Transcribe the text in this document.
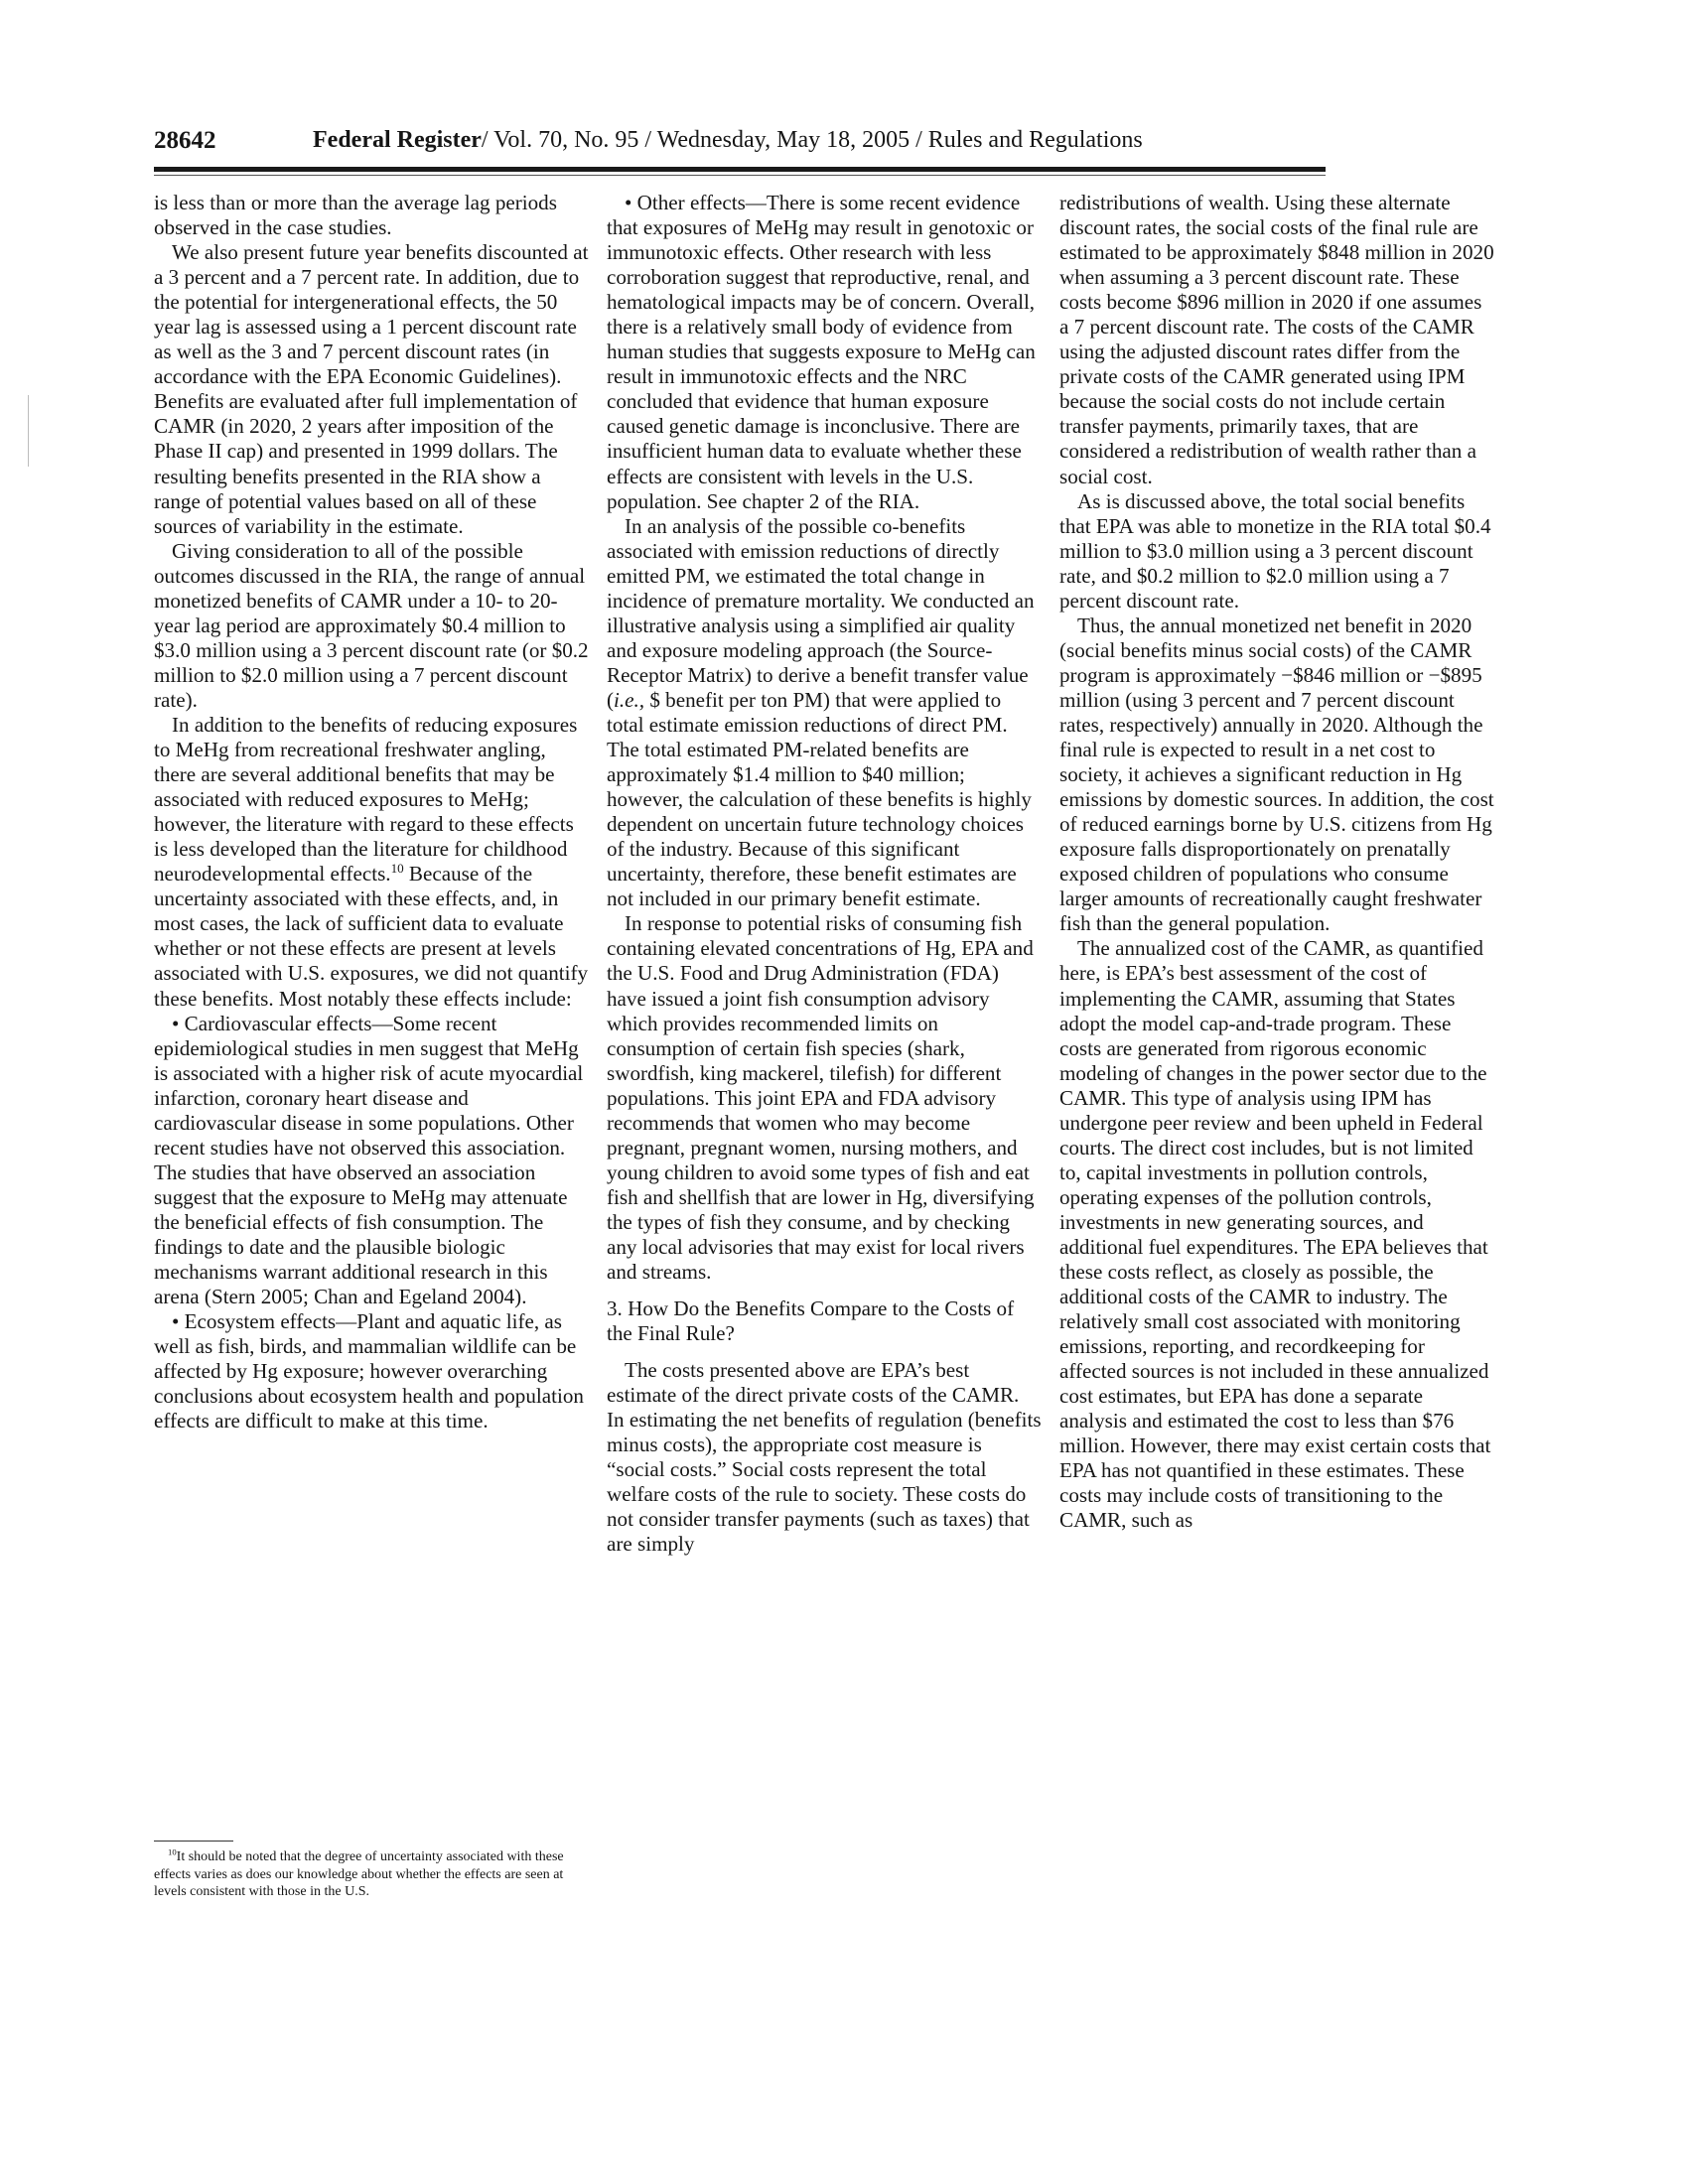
28642	Federal Register/ Vol. 70, No. 95 / Wednesday, May 18, 2005 / Rules and Regulations

is less than or more than the average lag periods observed in the case studies.

We also present future year benefits discounted at a 3 percent and a 7 percent rate. In addition, due to the potential for intergenerational effects, the 50 year lag is assessed using a 1 percent discount rate as well as the 3 and 7 percent discount rates (in accordance with the EPA Economic Guidelines). Benefits are evaluated after full implementation of CAMR (in 2020, 2 years after imposition of the Phase II cap) and presented in 1999 dollars. The resulting benefits presented in the RIA show a range of potential values based on all of these sources of variability in the estimate.

Giving consideration to all of the possible outcomes discussed in the RIA, the range of annual monetized benefits of CAMR under a 10- to 20-year lag period are approximately $0.4 million to $3.0 million using a 3 percent discount rate (or $0.2 million to $2.0 million using a 7 percent discount rate).

In addition to the benefits of reducing exposures to MeHg from recreational freshwater angling, there are several additional benefits that may be associated with reduced exposures to MeHg; however, the literature with regard to these effects is less developed than the literature for childhood neurodevelopmental effects.$^{10}$ Because of the uncertainty associated with these effects, and, in most cases, the lack of sufficient data to evaluate whether or not these effects are present at levels associated with U.S. exposures, we did not quantify these benefits. Most notably these effects include:

• Cardiovascular effects—Some recent epidemiological studies in men suggest that MeHg is associated with a higher risk of acute myocardial infarction, coronary heart disease and cardiovascular disease in some populations. Other recent studies have not observed this association. The studies that have observed an association suggest that the exposure to MeHg may attenuate the beneficial effects of fish consumption. The findings to date and the plausible biologic mechanisms warrant additional research in this arena (Stern 2005; Chan and Egeland 2004).

• Ecosystem effects—Plant and aquatic life, as well as fish, birds, and mammalian wildlife can be affected by Hg exposure; however overarching conclusions about ecosystem health and population effects are difficult to make at this time.

$^{10}$It should be noted that the degree of uncertainty associated with these effects varies as does our knowledge about whether the effects are seen at levels consistent with those in the U.S.

• Other effects—There is some recent evidence that exposures of MeHg may result in genotoxic or immunotoxic effects. Other research with less corroboration suggest that reproductive, renal, and hematological impacts may be of concern. Overall, there is a relatively small body of evidence from human studies that suggests exposure to MeHg can result in immunotoxic effects and the NRC concluded that evidence that human exposure caused genetic damage is inconclusive. There are insufficient human data to evaluate whether these effects are consistent with levels in the U.S. population. See chapter 2 of the RIA.

In an analysis of the possible co-benefits associated with emission reductions of directly emitted PM, we estimated the total change in incidence of premature mortality. We conducted an illustrative analysis using a simplified air quality and exposure modeling approach (the Source-Receptor Matrix) to derive a benefit transfer value (i.e., $ benefit per ton PM) that were applied to total estimate emission reductions of direct PM. The total estimated PM-related benefits are approximately $1.4 million to $40 million; however, the calculation of these benefits is highly dependent on uncertain future technology choices of the industry. Because of this significant uncertainty, therefore, these benefit estimates are not included in our primary benefit estimate.

In response to potential risks of consuming fish containing elevated concentrations of Hg, EPA and the U.S. Food and Drug Administration (FDA) have issued a joint fish consumption advisory which provides recommended limits on consumption of certain fish species (shark, swordfish, king mackerel, tilefish) for different populations. This joint EPA and FDA advisory recommends that women who may become pregnant, pregnant women, nursing mothers, and young children to avoid some types of fish and eat fish and shellfish that are lower in Hg, diversifying the types of fish they consume, and by checking any local advisories that may exist for local rivers and streams.

3. How Do the Benefits Compare to the Costs of the Final Rule?

The costs presented above are EPA’s best estimate of the direct private costs of the CAMR. In estimating the net benefits of regulation (benefits minus costs), the appropriate cost measure is “social costs.” Social costs represent the total welfare costs of the rule to society. These costs do not consider transfer payments (such as taxes) that are simply

redistributions of wealth. Using these alternate discount rates, the social costs of the final rule are estimated to be approximately $848 million in 2020 when assuming a 3 percent discount rate. These costs become $896 million in 2020 if one assumes a 7 percent discount rate. The costs of the CAMR using the adjusted discount rates differ from the private costs of the CAMR generated using IPM because the social costs do not include certain transfer payments, primarily taxes, that are considered a redistribution of wealth rather than a social cost.

As is discussed above, the total social benefits that EPA was able to monetize in the RIA total $0.4 million to $3.0 million using a 3 percent discount rate, and $0.2 million to $2.0 million using a 7 percent discount rate.

Thus, the annual monetized net benefit in 2020 (social benefits minus social costs) of the CAMR program is approximately −$846 million or −$895 million (using 3 percent and 7 percent discount rates, respectively) annually in 2020. Although the final rule is expected to result in a net cost to society, it achieves a significant reduction in Hg emissions by domestic sources. In addition, the cost of reduced earnings borne by U.S. citizens from Hg exposure falls disproportionately on prenatally exposed children of populations who consume larger amounts of recreationally caught freshwater fish than the general population.

The annualized cost of the CAMR, as quantified here, is EPA’s best assessment of the cost of implementing the CAMR, assuming that States adopt the model cap-and-trade program. These costs are generated from rigorous economic modeling of changes in the power sector due to the CAMR. This type of analysis using IPM has undergone peer review and been upheld in Federal courts. The direct cost includes, but is not limited to, capital investments in pollution controls, operating expenses of the pollution controls, investments in new generating sources, and additional fuel expenditures. The EPA believes that these costs reflect, as closely as possible, the additional costs of the CAMR to industry. The relatively small cost associated with monitoring emissions, reporting, and recordkeeping for affected sources is not included in these annualized cost estimates, but EPA has done a separate analysis and estimated the cost to less than $76 million. However, there may exist certain costs that EPA has not quantified in these estimates. These costs may include costs of transitioning to the CAMR, such as
